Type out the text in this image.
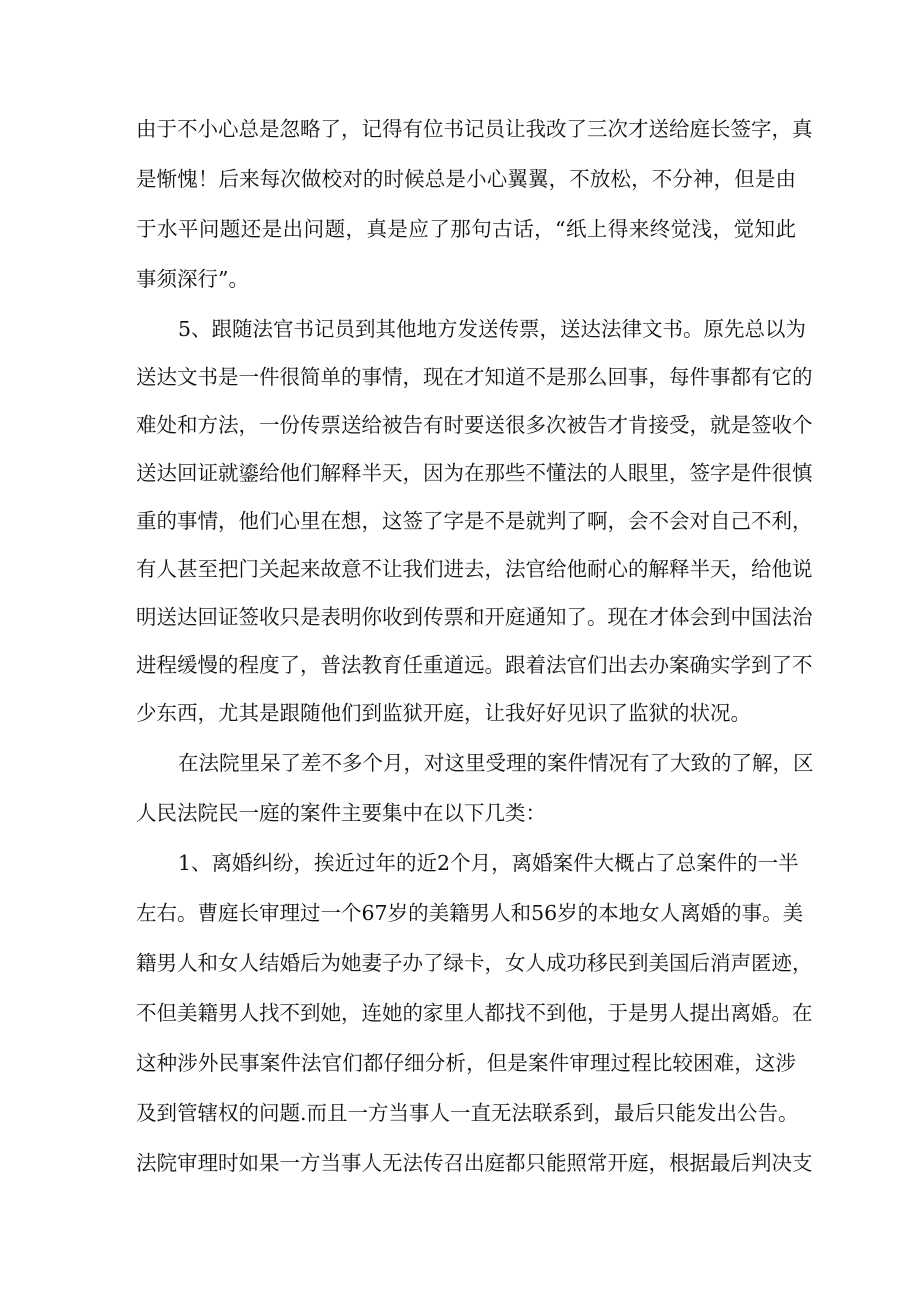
由于不小心总是忽略了，记得有位书记员让我改了三次才送给庭长签字，真
是惭愧！后来每次做校对的时候总是小心翼翼，不放松，不分神，但是由
于水平问题还是出问题，真是应了那句古话，“纸上得来终觉浅，觉知此
事须深行”。
5、跟随法官书记员到其他地方发送传票，送达法律文书。原先总以为
送达文书是一件很简单的事情，现在才知道不是那么回事，每件事都有它的
难处和方法，一份传票送给被告有时要送很多次被告才肯接受，就是签收个
送达回证就鎏给他们解释半天，因为在那些不懂法的人眼里，签字是件很慎
重的事情，他们心里在想，这签了字是不是就判了啊，会不会对自己不利，
有人甚至把门关起来故意不让我们进去，法官给他耐心的解释半天，给他说
明送达回证签收只是表明你收到传票和开庭通知了。现在才体会到中国法治
进程缓慢的程度了，普法教育任重道远。跟着法官们出去办案确实学到了不
少东西，尤其是跟随他们到监狱开庭，让我好好见识了监狱的状况。
在法院里呆了差不多个月，对这里受理的案件情况有了大致的了解，区
人民法院民一庭的案件主要集中在以下几类：
1、离婚纠纷，挨近过年的近2个月，离婚案件大概占了总案件的一半
左右。曹庭长审理过一个67岁的美籍男人和56岁的本地女人离婚的事。美
籍男人和女人结婚后为她妻子办了绿卡，女人成功移民到美国后消声匿迹，
不但美籍男人找不到她，连她的家里人都找不到他，于是男人提出离婚。在
这种涉外民事案件法官们都仔细分析，但是案件审理过程比较困难，这涉
及到管辖权的问题.而且一方当事人一直无法联系到，最后只能发出公告。
法院审理时如果一方当事人无法传召出庭都只能照常开庭，根据最后判决支
